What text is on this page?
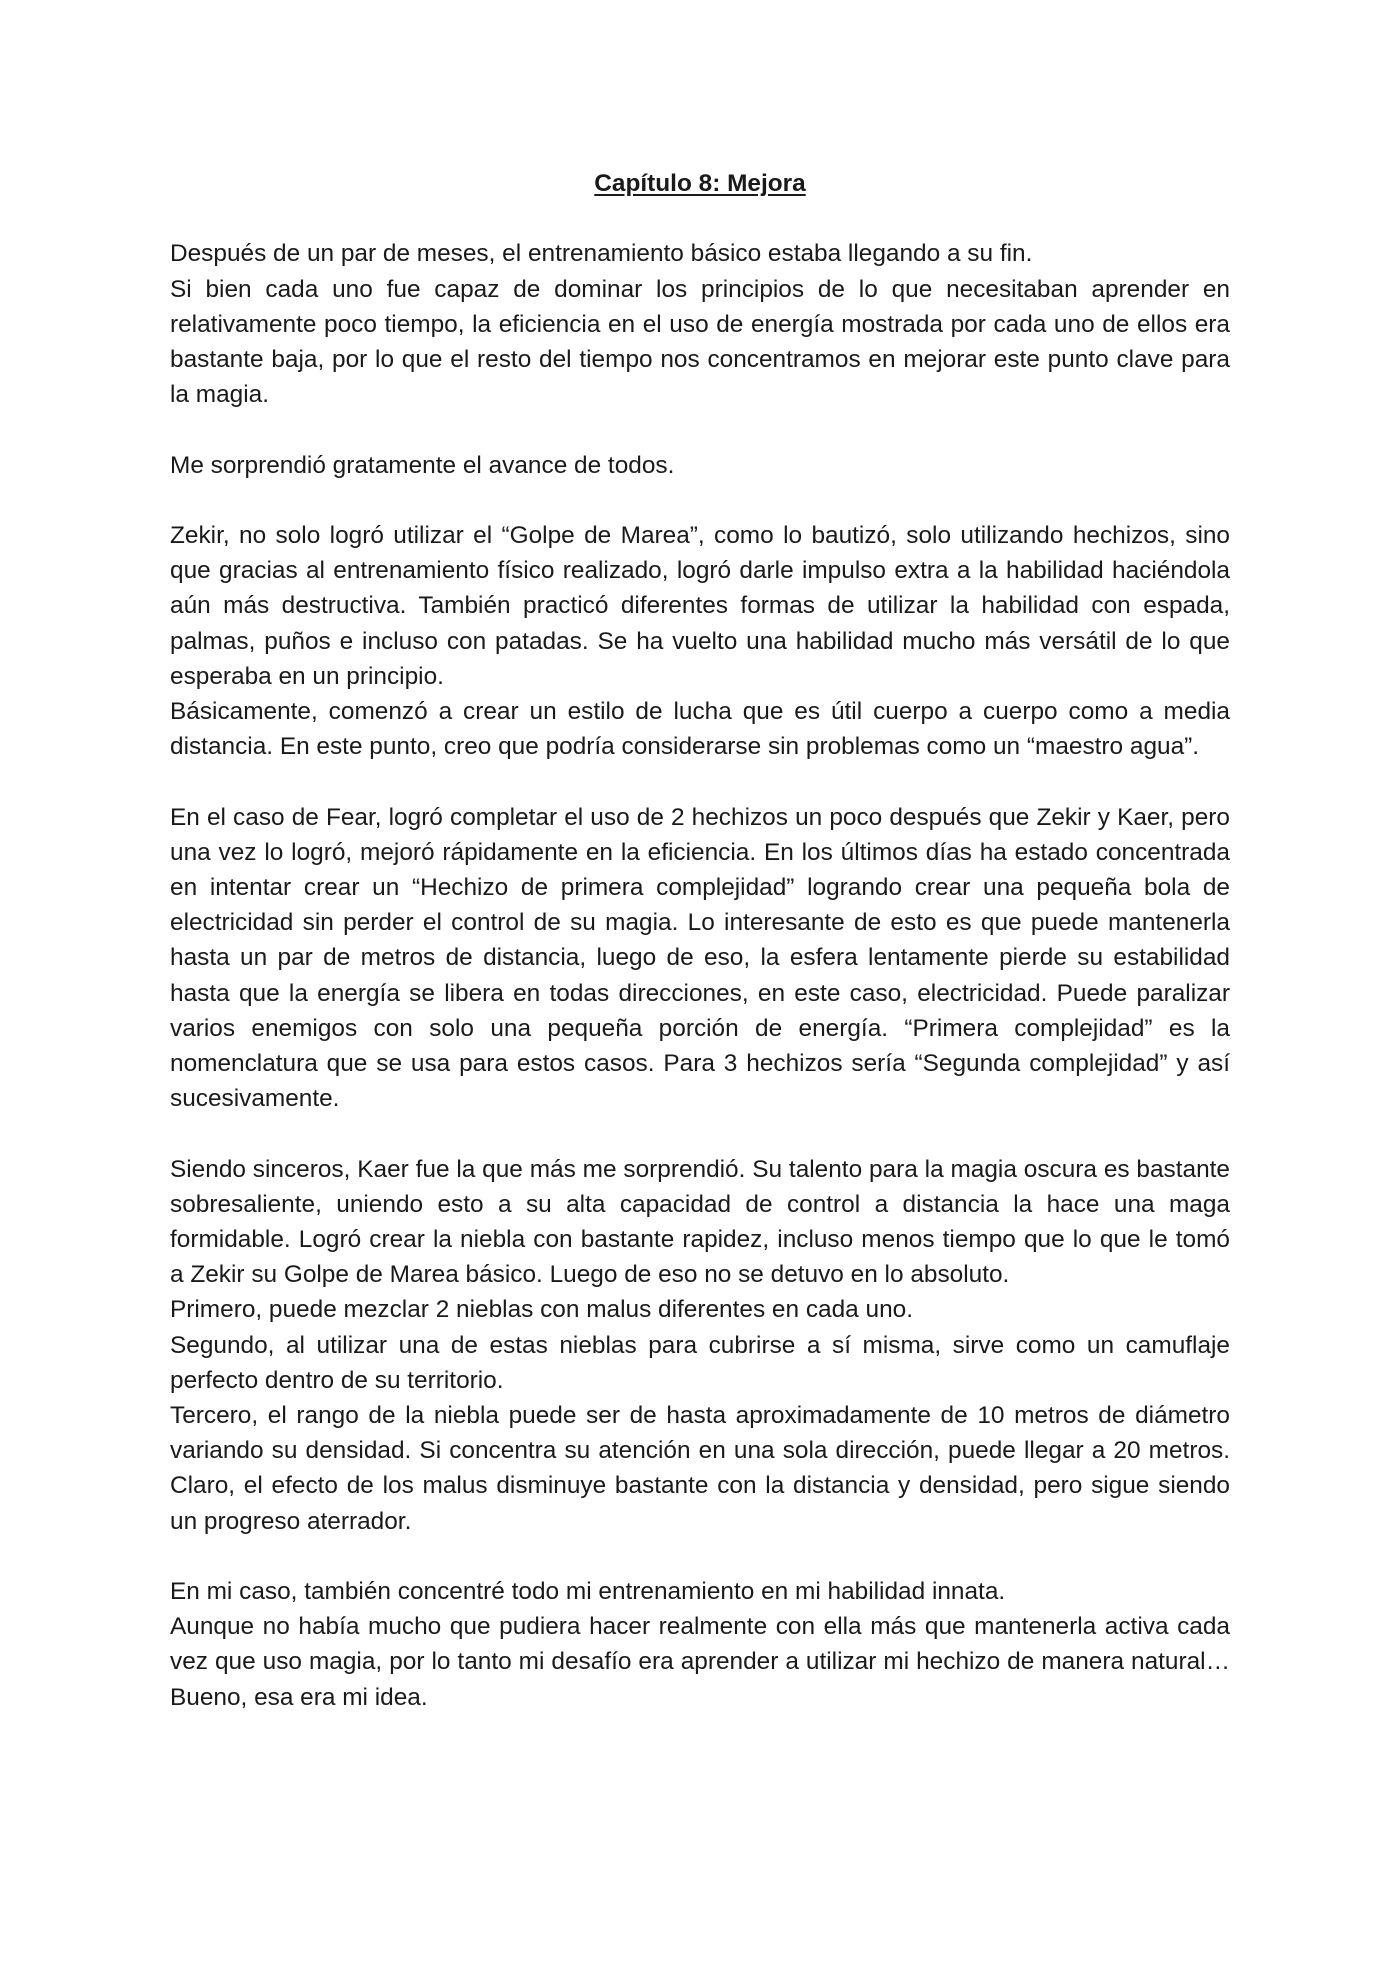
Capítulo 8: Mejora

Después de un par de meses, el entrenamiento básico estaba llegando a su fin.
Si bien cada uno fue capaz de dominar los principios de lo que necesitaban aprender en relativamente poco tiempo, la eficiencia en el uso de energía mostrada por cada uno de ellos era bastante baja, por lo que el resto del tiempo nos concentramos en mejorar este punto clave para la magia.
Me sorprendió gratamente el avance de todos.
Zekir, no solo logró utilizar el “Golpe de Marea”, como lo bautizó, solo utilizando hechizos, sino que gracias al entrenamiento físico realizado, logró darle impulso extra a la habilidad haciéndola aún más destructiva. También practicó diferentes formas de utilizar la habilidad con espada, palmas, puños e incluso con patadas. Se ha vuelto una habilidad mucho más versátil de lo que esperaba en un principio.
Básicamente, comenzó a crear un estilo de lucha que es útil cuerpo a cuerpo como a media distancia. En este punto, creo que podría considerarse sin problemas como un “maestro agua”.
En el caso de Fear, logró completar el uso de 2 hechizos un poco después que Zekir y Kaer, pero una vez lo logró, mejoró rápidamente en la eficiencia. En los últimos días ha estado concentrada en intentar crear un “Hechizo de primera complejidad” logrando crear una pequeña bola de electricidad sin perder el control de su magia. Lo interesante de esto es que puede mantenerla hasta un par de metros de distancia, luego de eso, la esfera lentamente pierde su estabilidad hasta que la energía se libera en todas direcciones, en este caso, electricidad. Puede paralizar varios enemigos con solo una pequeña porción de energía. “Primera complejidad” es la nomenclatura que se usa para estos casos. Para 3 hechizos sería “Segunda complejidad” y así sucesivamente.
Siendo sinceros, Kaer fue la que más me sorprendió. Su talento para la magia oscura es bastante sobresaliente, uniendo esto a su alta capacidad de control a distancia la hace una maga formidable. Logró crear la niebla con bastante rapidez, incluso menos tiempo que lo que le tomó a Zekir su Golpe de Marea básico. Luego de eso no se detuvo en lo absoluto.
Primero, puede mezclar 2 nieblas con malus diferentes en cada uno.
Segundo, al utilizar una de estas nieblas para cubrirse a sí misma, sirve como un camuflaje perfecto dentro de su territorio.
Tercero, el rango de la niebla puede ser de hasta aproximadamente de 10 metros de diámetro variando su densidad. Si concentra su atención en una sola dirección, puede llegar a 20 metros. Claro, el efecto de los malus disminuye bastante con la distancia y densidad, pero sigue siendo un progreso aterrador.
En mi caso, también concentré todo mi entrenamiento en mi habilidad innata.
Aunque no había mucho que pudiera hacer realmente con ella más que mantenerla activa cada vez que uso magia, por lo tanto mi desafío era aprender a utilizar mi hechizo de manera natural… Bueno, esa era mi idea.
